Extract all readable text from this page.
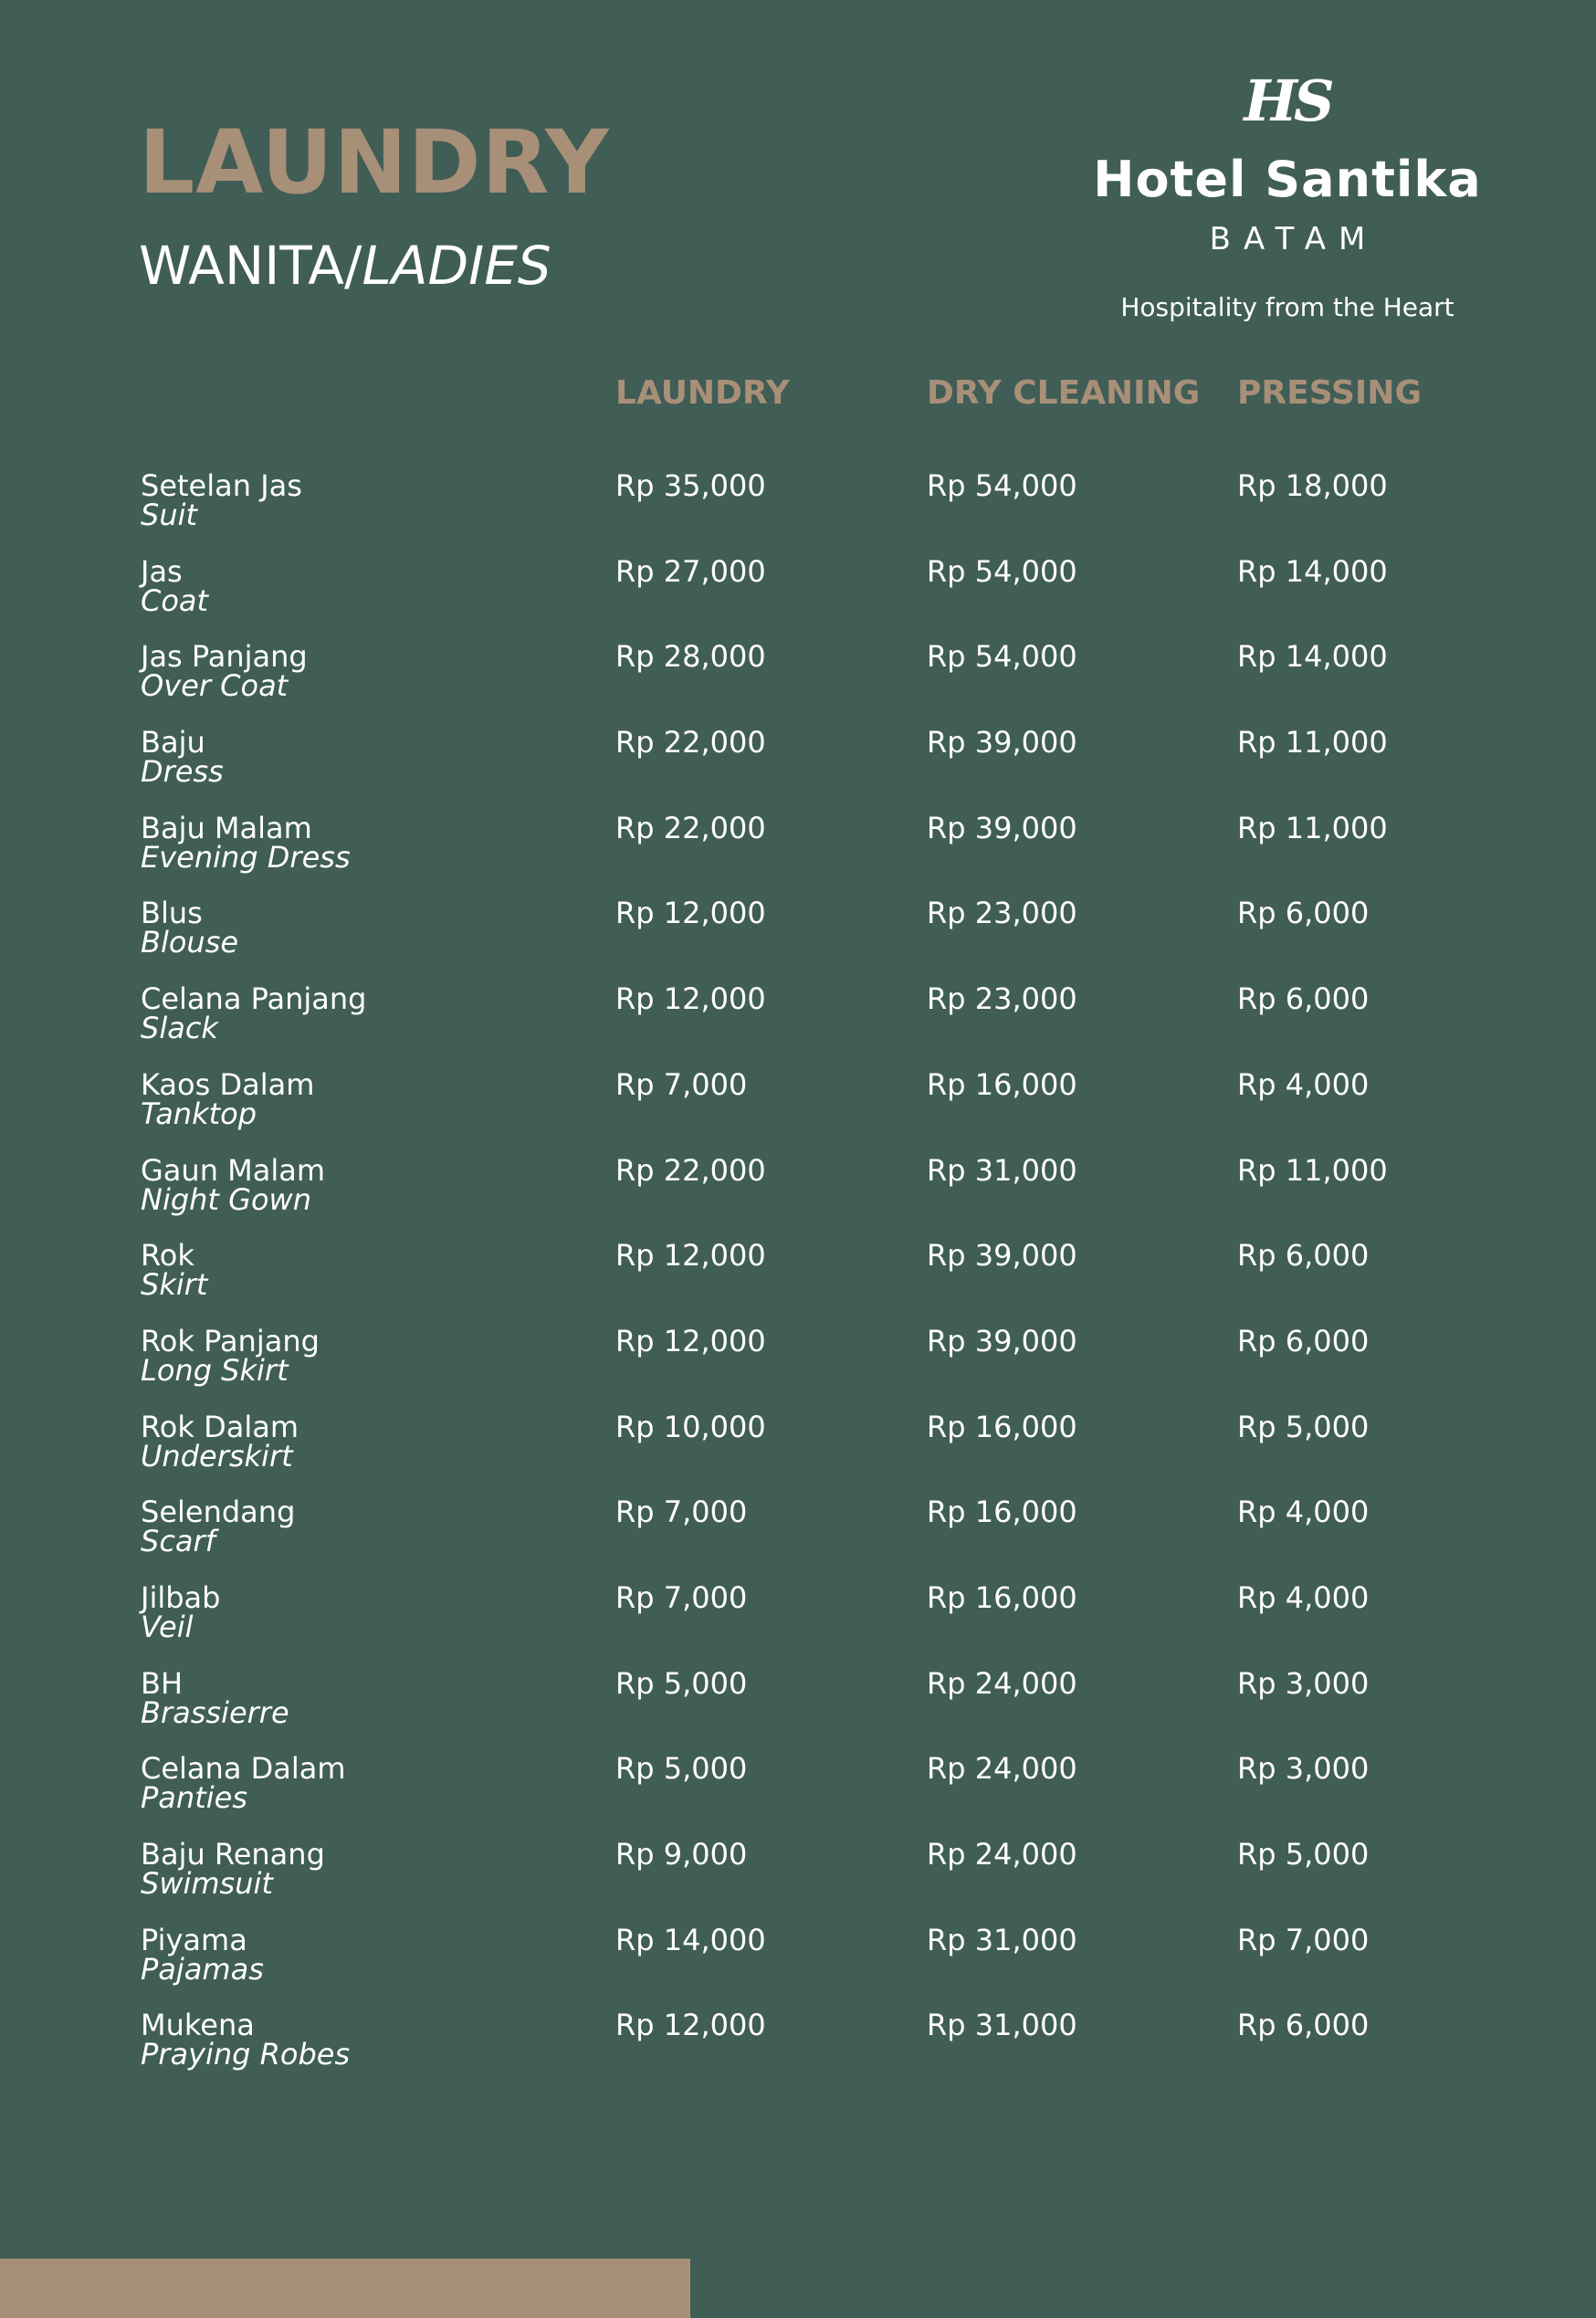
LAUNDRY
WANITA/LADIES
HS
Hotel Santika
BATAM
Hospitality from the Heart
LAUNDRY	DRY CLEANING PRESSING
Setelan Jas
Suit
Rp 35,000	Rp 54,000	Rp 18,000
Jas
Coat
Rp 27,000	Rp 54,000	Rp 14,000
Jas Panjang
Over Coat
Rp 28,000	Rp 54,000	Rp 14,000
Baju
Dress
Rp 22,000	Rp 39,000	Rp 11,000
Baju Malam
Evening Dress
Rp 22,000	Rp 39,000	Rp 11,000
Blus
Blouse
Rp 12,000	Rp 23,000	Rp 6,000
Celana Panjang
Slack
Rp 12,000	Rp 23,000	Rp 6,000
Kaos Dalam
Tanktop
Rp 7,000	Rp 16,000	Rp 4,000
Gaun Malam
Night Gown
Rp 22,000	Rp 31,000	Rp 11,000
Rok
Skirt
Rp 12,000	Rp 39,000	Rp 6,000
Rok Panjang
Long Skirt
Rp 12,000	Rp 39,000	Rp 6,000
Rok Dalam
Underskirt
Rp 10,000	Rp 16,000	Rp 5,000
Selendang
Scarf
Rp 7,000	Rp 16,000	Rp 4,000
Jilbab
Veil
Rp 7,000	Rp 16,000	Rp 4,000
BH
Brassierre
Rp 5,000	Rp 24,000	Rp 3,000
Celana Dalam
Panties
Rp 5,000	Rp 24,000	Rp 3,000
Baju Renang
Swimsuit
Rp 9,000	Rp 24,000	Rp 5,000
Piyama
Pajamas
Rp 14,000	Rp 31,000	Rp 7,000
Mukena
Praying Robes
Rp 12,000	Rp 31,000	Rp 6,000
